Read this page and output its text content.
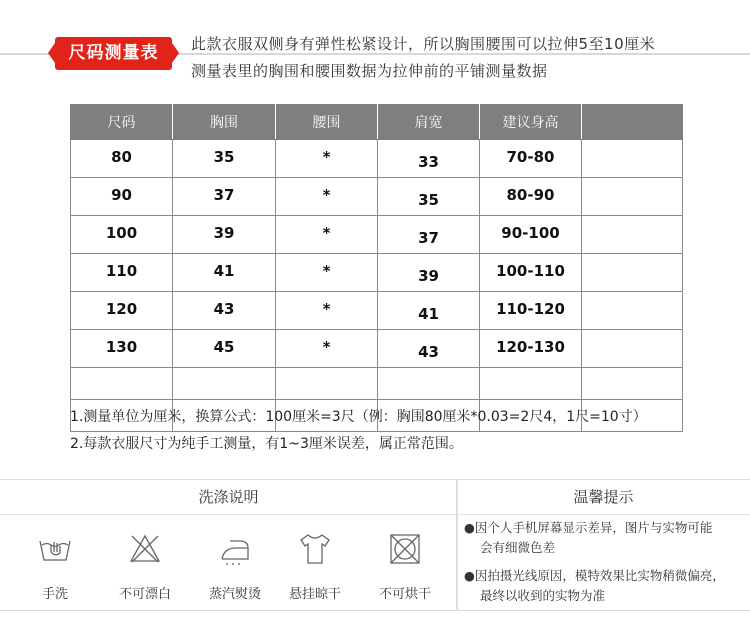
尺码测量表	此款衣服双侧身有弹性松紧设计，所以胸围腰围可以拉伸5至10厘米
测量表里的胸围和腰围数据为拉伸前的平铺测量数据
尺码	胸围	腰围	肩宽	建议身高	
80	35	*	33	70-80	
90	37	*	35	80-90	
100	39	*	37	90-100	
110	41	*	39	100-110	
120	43	*	41	110-120	
130	45	*	43	120-130	

1.测量单位为厘米，换算公式：100厘米=3尺（例：胸围80厘米*0.03=2尺4，1尺=10寸）
2.每款衣服尺寸为纯手工测量，有1~3厘米误差，属正常范围。
洗涤说明
手洗	不可漂白	蒸汽熨烫	悬挂晾干	不可烘干
温馨提示
●因个人手机屏幕显示差异，图片与实物可能
会有细微色差
●因拍摄光线原因，模特效果比实物稍微偏亮，
最终以收到的实物为准
